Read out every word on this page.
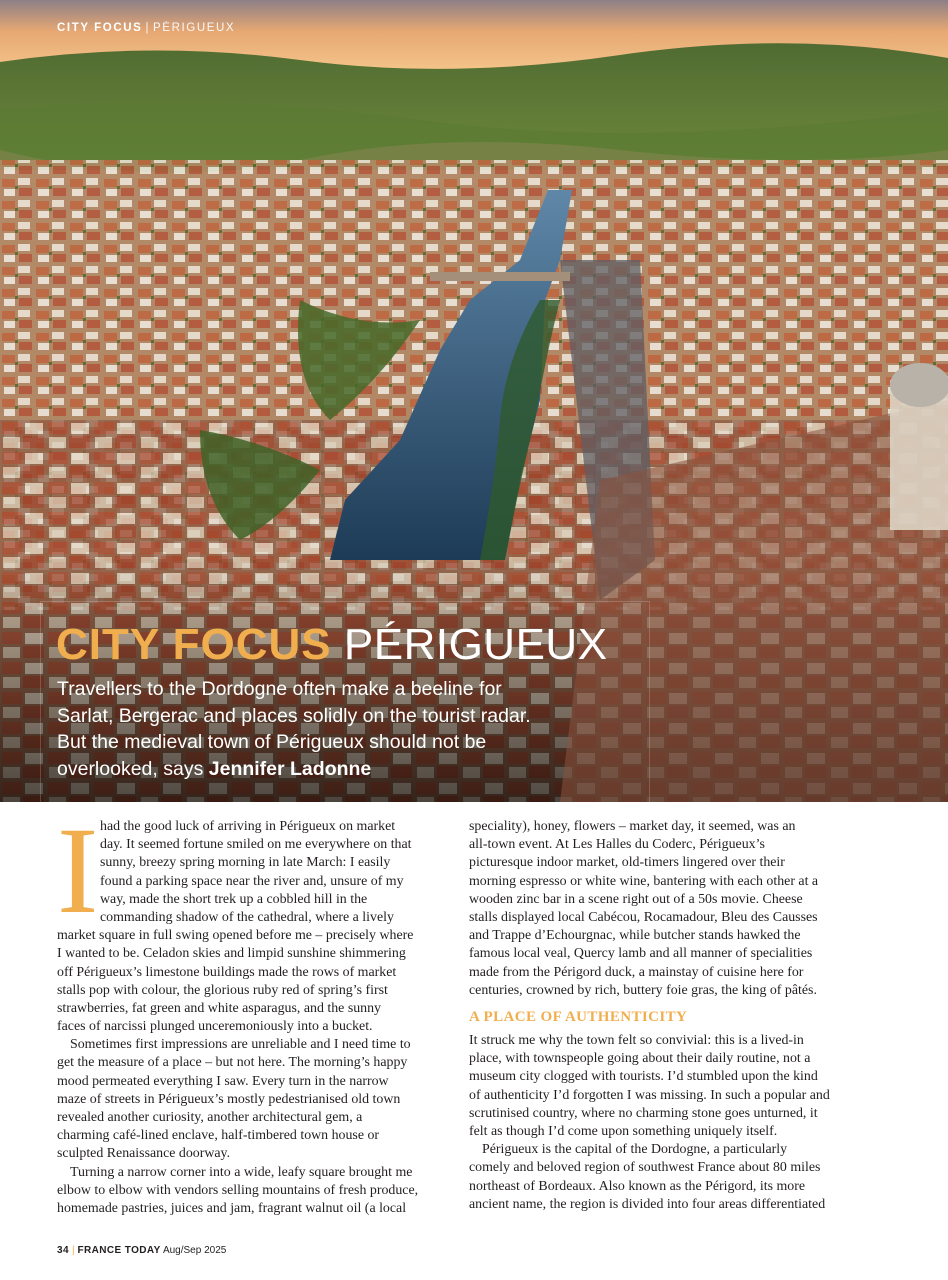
CITY FOCUS | PÉRIGUEUX
CITY FOCUS PÉRIGUEUX

Travellers to the Dordogne often make a beeline for

Sarlat, Bergerac and places solidly on the tourist radar.

But the medieval town of Périgueux should not be

overlooked, says Jennifer Ladonne

I had the good luck of arriving in Périgueux on market
day. It seemed fortune smiled on me everywhere on that
sunny, breezy spring morning in late March: I easily
found a parking space near the river and, unsure of my
way, made the short trek up a cobbled hill in the
commanding shadow of the cathedral, where a lively
market square in full swing opened before me – precisely where
I wanted to be. Celadon skies and limpid sunshine shimmering
off Périgueux’s limestone buildings made the rows of market
stalls pop with colour, the glorious ruby red of spring’s first
strawberries, fat green and white asparagus, and the sunny
faces of narcissi plunged unceremoniously into a bucket.
Sometimes first impressions are unreliable and I need time to
get the measure of a place – but not here. The morning’s happy
mood permeated everything I saw. Every turn in the narrow
maze of streets in Périgueux’s mostly pedestrianised old town
revealed another curiosity, another architectural gem, a
charming café-lined enclave, half-timbered town house or
sculpted Renaissance doorway.
Turning a narrow corner into a wide, leafy square brought me
elbow to elbow with vendors selling mountains of fresh produce,
homemade pastries, juices and jam, fragrant walnut oil (a local
speciality), honey, flowers – market day, it seemed, was an
all-town event. At Les Halles du Coderc, Périgueux’s
picturesque indoor market, old-timers lingered over their
morning espresso or white wine, bantering with each other at a
wooden zinc bar in a scene right out of a 50s movie. Cheese
stalls displayed local Cabécou, Rocamadour, Bleu des Causses
and Trappe d’Echourgnac, while butcher stands hawked the
famous local veal, Quercy lamb and all manner of specialities
made from the Périgord duck, a mainstay of cuisine here for
centuries, crowned by rich, buttery foie gras, the king of pâtés.
A PLACE OF AUTHENTICITY
It struck me why the town felt so convivial: this is a lived-in
place, with townspeople going about their daily routine, not a
museum city clogged with tourists. I’d stumbled upon the kind
of authenticity I’d forgotten I was missing. In such a popular and
scrutinised country, where no charming stone goes unturned, it
felt as though I’d come upon something uniquely itself.
Périgueux is the capital of the Dordogne, a particularly
comely and beloved region of southwest France about 80 miles
northeast of Bordeaux. Also known as the Périgord, its more
ancient name, the region is divided into four areas differentiated
34 | FRANCE TODAY Aug/Sep 2025
